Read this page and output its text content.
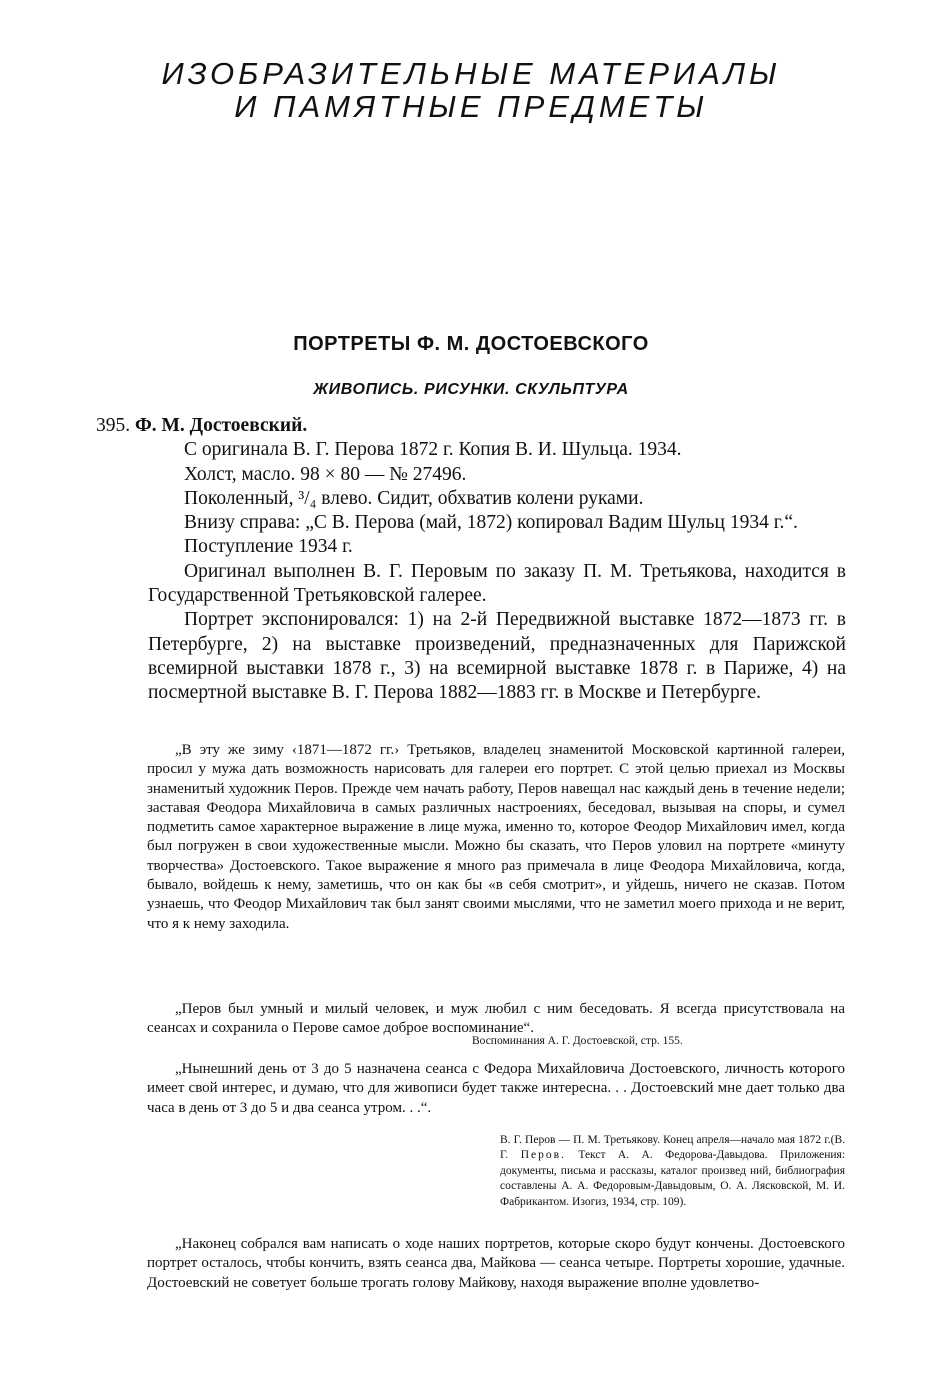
ИЗОБРАЗИТЕЛЬНЫЕ МАТЕРИАЛЫ
И ПАМЯТНЫЕ ПРЕДМЕТЫ
ПОРТРЕТЫ Ф. М. ДОСТОЕВСКОГО
ЖИВОПИСЬ. РИСУНКИ. СКУЛЬПТУРА

395. Ф. М. Достоевский.

С оригинала В. Г. Перова 1872 г. Копия В. И. Шульца. 1934.

Холст, масло. 98 × 80 — № 27496.

Поколенный, ³/₄ влево. Сидит, обхватив колени руками.

Внизу справа: „С В. Перова (май, 1872) копировал Вадим Шульц 1934 г.“.

Поступление 1934 г.

Оригинал выполнен В. Г. Перовым по заказу П. М. Третьякова, находится в Государственной Третьяковской галерее.

Портрет экспонировался: 1) на 2-й Передвижной выставке 1872—1873 гг. в Петербурге, 2) на выставке произведений, предназначенных для Парижской всемирной выставки 1878 г., 3) на всемирной выставке 1878 г. в Париже, 4) на посмертной выставке В. Г. Перова 1882—1883 гг. в Москве и Петербурге.

„В эту же зиму ‹1871—1872 гг.› Третьяков, владелец знаменитой Московской картинной галереи, просил у мужа дать возможность нарисовать для галереи его портрет. С этой целью приехал из Москвы знаменитый художник Перов. Прежде чем начать работу, Перов навещал нас каждый день в течение недели; заставая Феодора Михайловича в самых различных настроениях, беседовал, вызывая на споры, и сумел подметить самое характерное выражение в лице мужа, именно то, которое Феодор Михайлович имел, когда был погружен в свои художественные мысли. Можно бы сказать, что Перов уловил на портрете «минуту творчества» Достоевского. Такое выражение я много раз примечала в лице Феодора Михайловича, когда, бывало, войдешь к нему, заметишь, что он как бы «в себя смотрит», и уйдешь, ничего не сказав. Потом узнаешь, что Феодор Михайлович так был занят своими мыслями, что не заметил моего прихода и не верит, что я к нему заходила.

„Перов был умный и милый человек, и муж любил с ним беседовать. Я всегда присутствовала на сеансах и сохранила о Перове самое доброе воспоминание“.

Воспоминания А. Г. Достоевской, стр. 155.

„Нынешний день от 3 до 5 назначена сеанса с Федора Михайловича Достоевского, личность которого имеет свой интерес, и думаю, что для живописи будет также интересна. . . Достоевский мне дает только два часа в день от 3 до 5 и два сеанса утром. . .“.

В. Г. Перов — П. М. Третьякову. Конец апреля—начало мая 1872 г.(В. Г. Перов. Текст А. А. Федорова-Давыдова. Приложения: документы, письма и рассказы, каталог произвед ний, библиография составлены А. А. Федоровым-Давыдовым, О. А. Лясковской, М. И. Фабрикантом. Изогиз, 1934, стр. 109).

„Наконец собрался вам написать о ходе наших портретов, которые скоро будут кончены. Достоевского портрет осталось, чтобы кончить, взять сеанса два, Майкова — сеанса четыре. Портреты хорошие, удачные. Достоевский не советует больше трогать голову Майкову, находя выражение вполне удовлетво-
